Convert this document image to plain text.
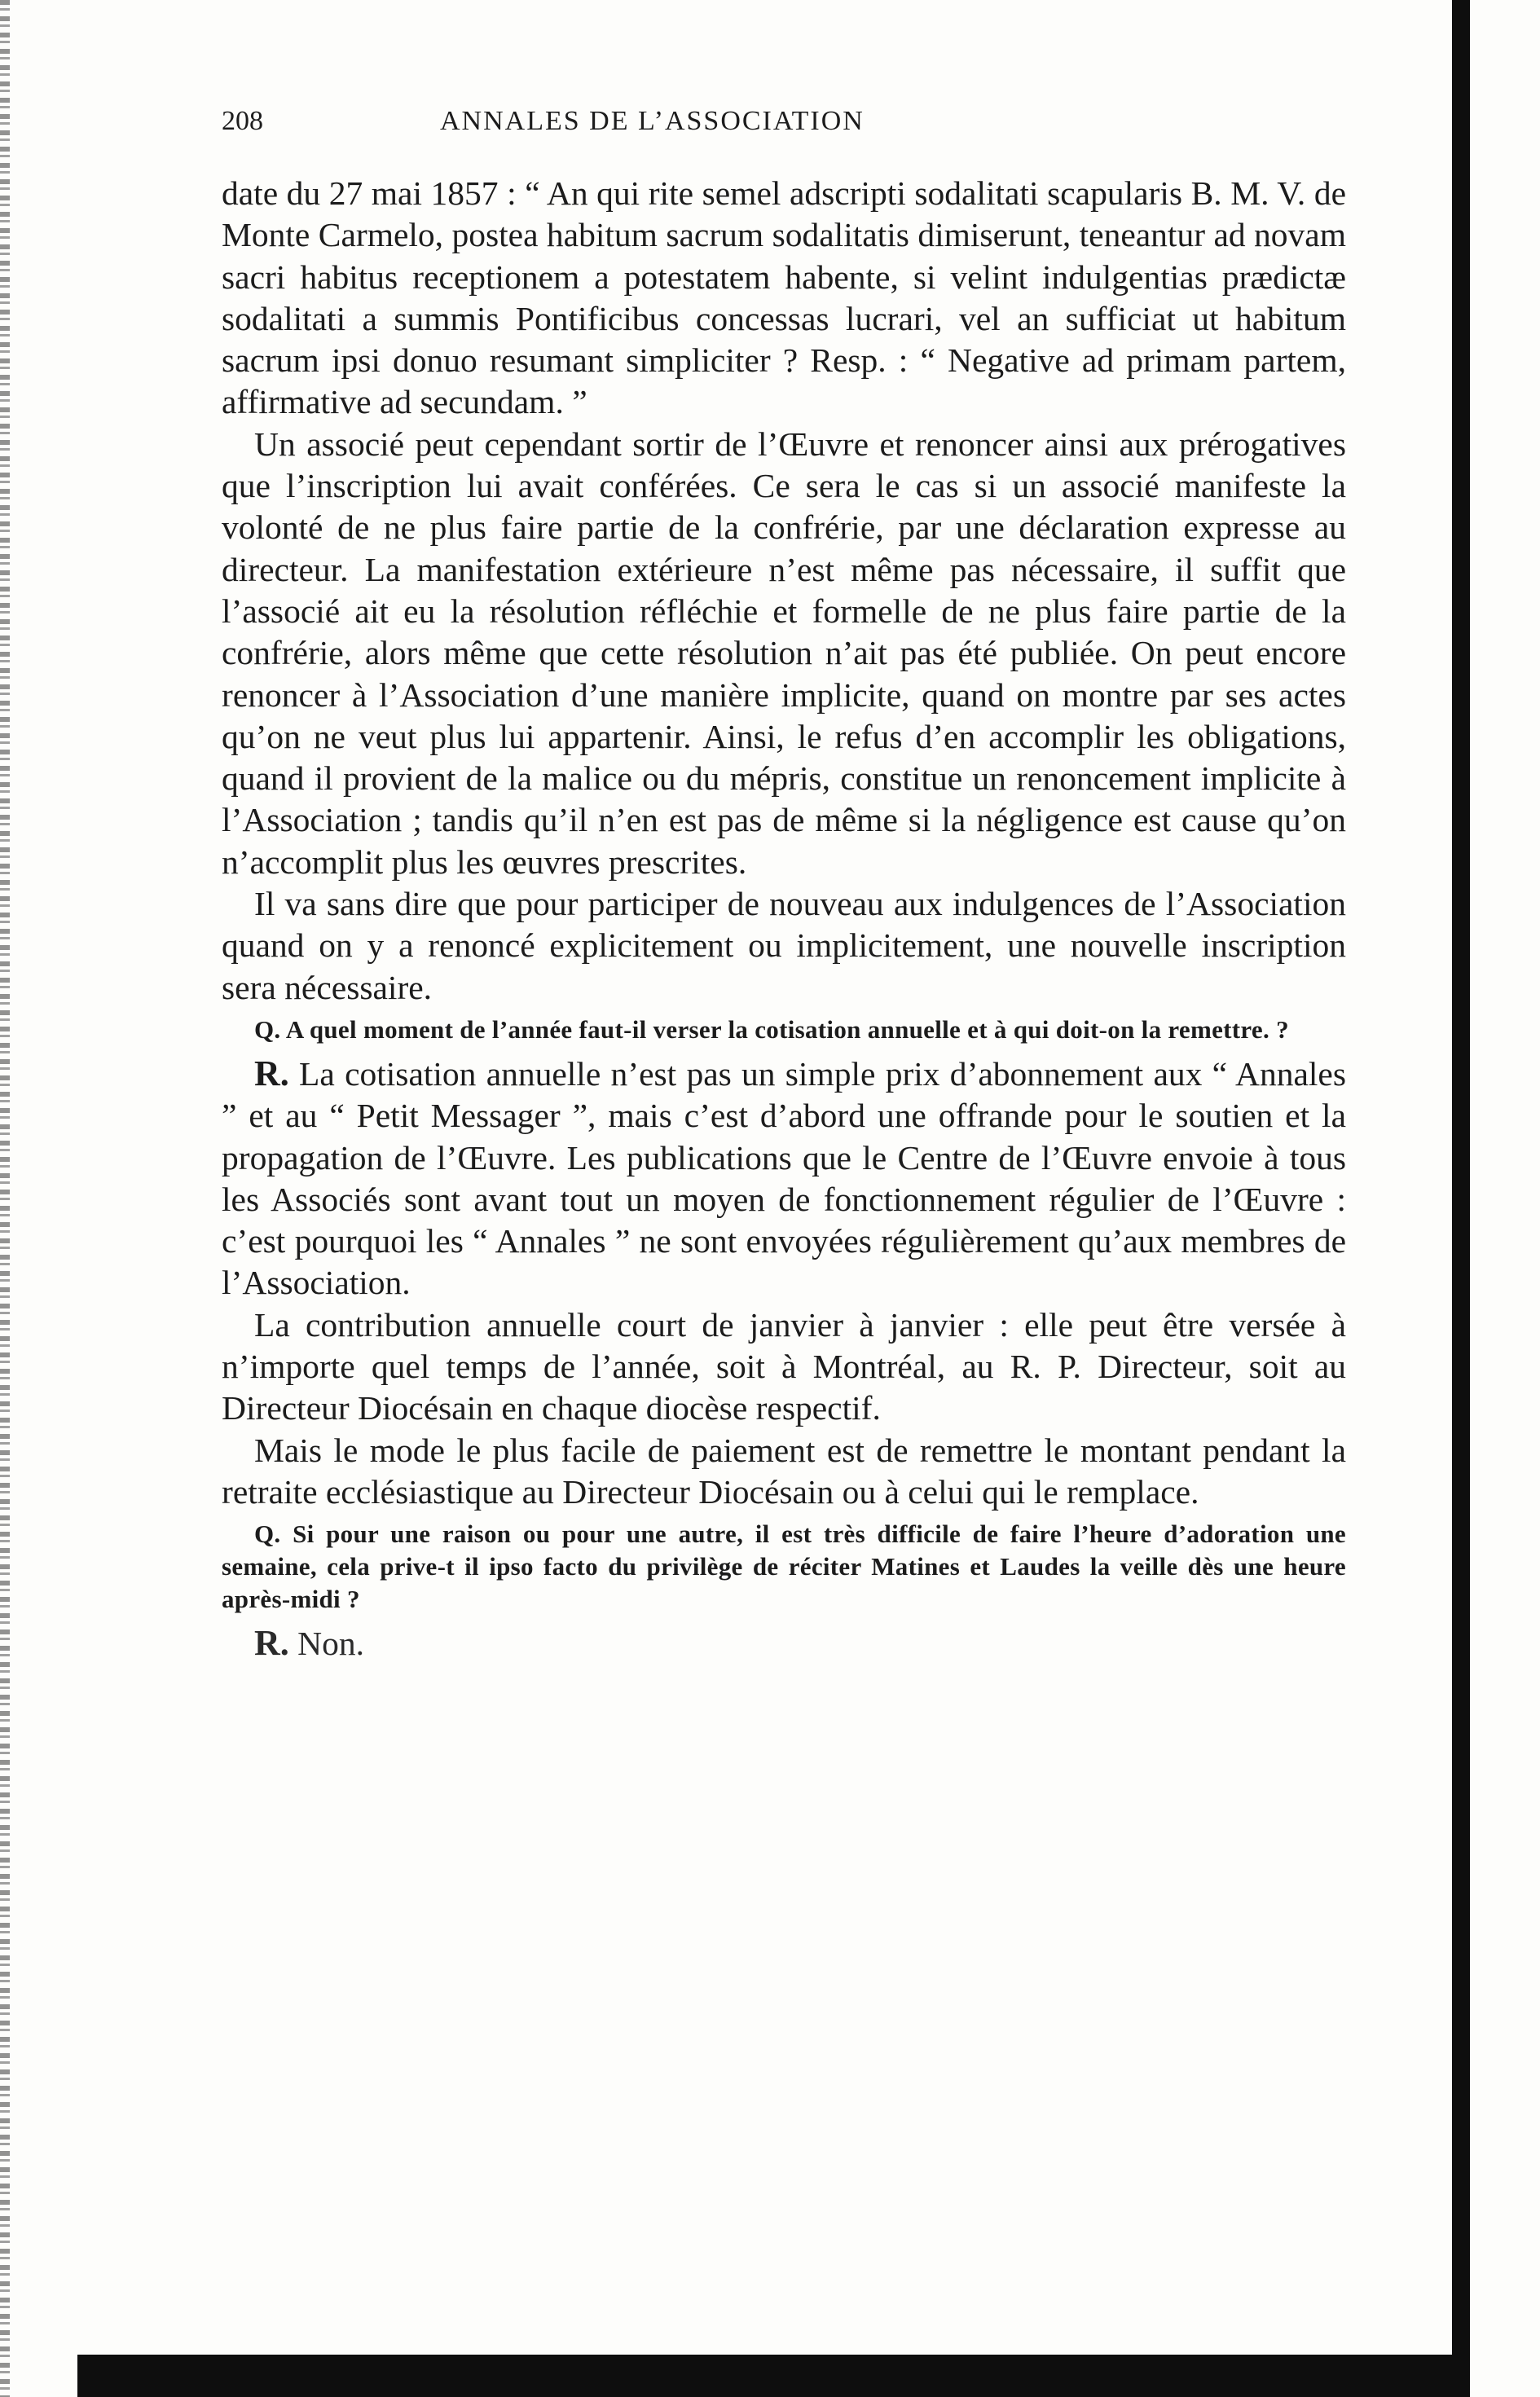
208	ANNALES DE L’ASSOCIATION

date du 27 mai 1857 : “ An qui rite semel adscripti sodalitati scapularis B. M. V. de Monte Carmelo, postea habitum sacrum sodalitatis dimiserunt, teneantur ad novam sacri habitus receptionem a potestatem habente, si velint indulgentias prædictæ sodalitati a summis Pontificibus concessas lucrari, vel an sufficiat ut habitum sacrum ipsi donuo resumant simpliciter ? Resp. : “ Negative ad primam partem, affirmative ad secundam. ”

Un associé peut cependant sortir de l’Œuvre et renoncer ainsi aux prérogatives que l’inscription lui avait conférées. Ce sera le cas si un associé manifeste la volonté de ne plus faire partie de la confrérie, par une déclaration expresse au directeur. La manifestation extérieure n’est même pas nécessaire, il suffit que l’associé ait eu la résolution réfléchie et formelle de ne plus faire partie de la confrérie, alors même que cette résolution n’ait pas été publiée. On peut encore renoncer à l’Association d’une manière implicite, quand on montre par ses actes qu’on ne veut plus lui appartenir. Ainsi, le refus d’en accomplir les obligations, quand il provient de la malice ou du mépris, constitue un renoncement implicite à l’Association ; tandis qu’il n’en est pas de même si la négligence est cause qu’on n’accomplit plus les œuvres prescrites.

Il va sans dire que pour participer de nouveau aux indulgences de l’Association quand on y a renoncé explicitement ou implicitement, une nouvelle inscription sera nécessaire.

Q. A quel moment de l’année faut-il verser la cotisation annuelle et à qui doit-on la remettre. ?

R. La cotisation annuelle n’est pas un simple prix d’abonnement aux “ Annales ” et au “ Petit Messager ”, mais c’est d’abord une offrande pour le soutien et la propagation de l’Œuvre. Les publications que le Centre de l’Œuvre envoie à tous les Associés sont avant tout un moyen de fonctionnement régulier de l’Œuvre : c’est pourquoi les “ Annales ” ne sont envoyées régulièrement qu’aux membres de l’Association.

La contribution annuelle court de janvier à janvier : elle peut être versée à n’importe quel temps de l’année, soit à Montréal, au R. P. Directeur, soit au Directeur Diocésain en chaque diocèse respectif.

Mais le mode le plus facile de paiement est de remettre le montant pendant la retraite ecclésiastique au Directeur Diocésain ou à celui qui le remplace.

Q. Si pour une raison ou pour une autre, il est très difficile de faire l’heure d’adoration une semaine, cela prive-t il ipso facto du privilège de réciter Matines et Laudes la veille dès une heure après-midi ?

R. Non.
